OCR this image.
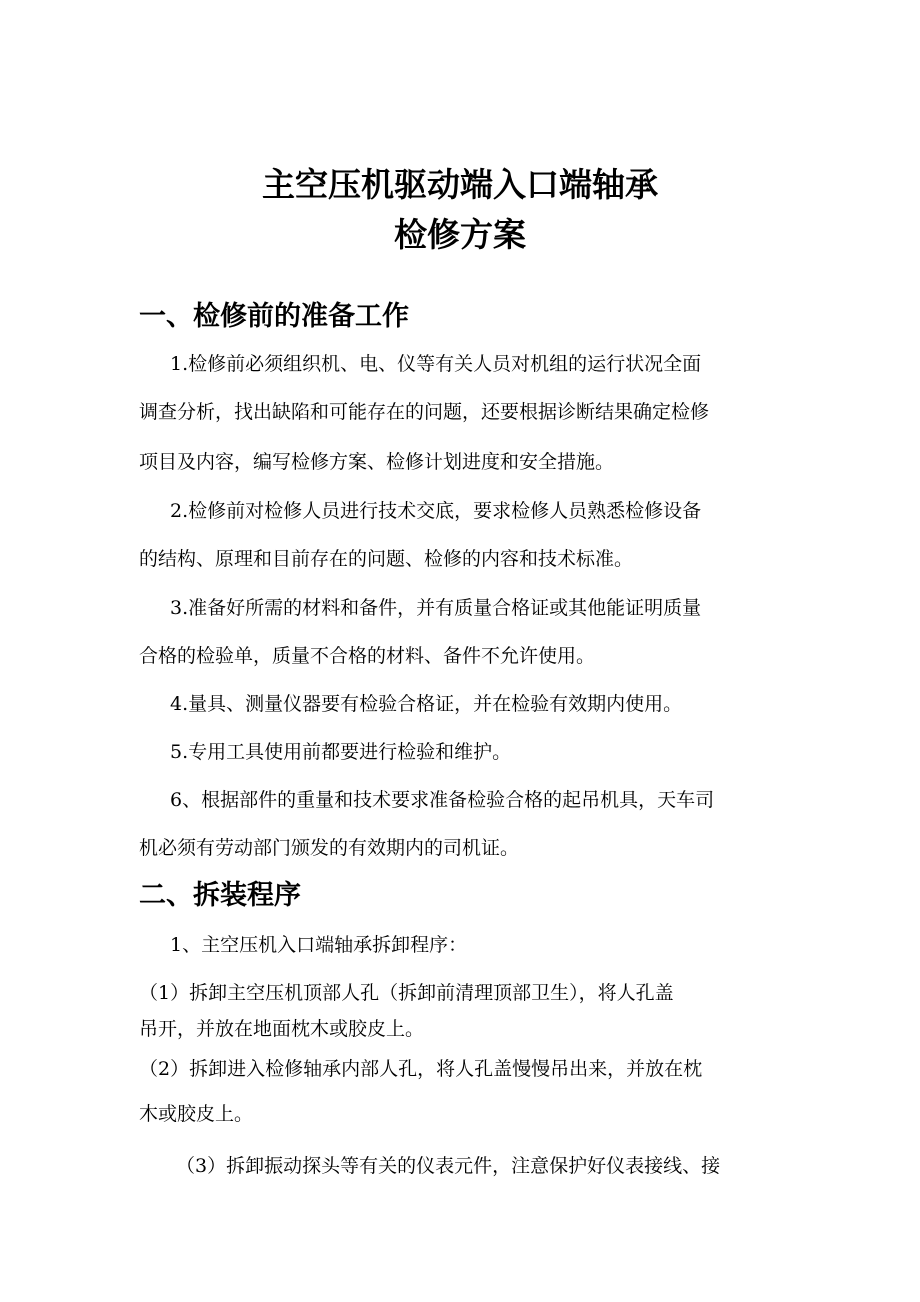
主空压机驱动端入口端轴承
检修方案
一、检修前的准备工作
1.检修前必须组织机、电、仪等有关人员对机组的运行状况全面
调查分析，找出缺陷和可能存在的问题，还要根据诊断结果确定检修
项目及内容，编写检修方案、检修计划进度和安全措施。
2.检修前对检修人员进行技术交底，要求检修人员熟悉检修设备
的结构、原理和目前存在的问题、检修的内容和技术标准。
3.准备好所需的材料和备件，并有质量合格证或其他能证明质量
合格的检验单，质量不合格的材料、备件不允许使用。
4.量具、测量仪器要有检验合格证，并在检验有效期内使用。
5.专用工具使用前都要进行检验和维护。
6、根据部件的重量和技术要求准备检验合格的起吊机具，天车司
机必须有劳动部门颁发的有效期内的司机证。
二、拆装程序
1、主空压机入口端轴承拆卸程序：
（1）拆卸主空压机顶部人孔（拆卸前清理顶部卫生），将人孔盖
吊开，并放在地面枕木或胶皮上。
（2）拆卸进入检修轴承内部人孔，将人孔盖慢慢吊出来，并放在枕
木或胶皮上。
（3）拆卸振动探头等有关的仪表元件，注意保护好仪表接线、接
